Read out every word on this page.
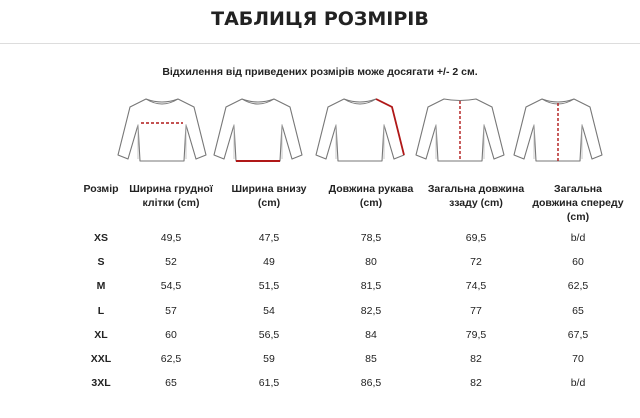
ТАБЛИЦЯ РОЗМІРІВ
Відхилення від приведених розмірів може досягати +/- 2 см.
Розмір	Ширина грудної клітки (cm)	Ширина внизу (cm)	Довжина рукава (cm)	Загальна довжина ззаду (cm)	Загальна довжина спереду (cm)
XS	49,5	47,5	78,5	69,5	b/d
S	52	49	80	72	60
M	54,5	51,5	81,5	74,5	62,5
L	57	54	82,5	77	65
XL	60	56,5	84	79,5	67,5
XXL	62,5	59	85	82	70
3XL	65	61,5	86,5	82	b/d
